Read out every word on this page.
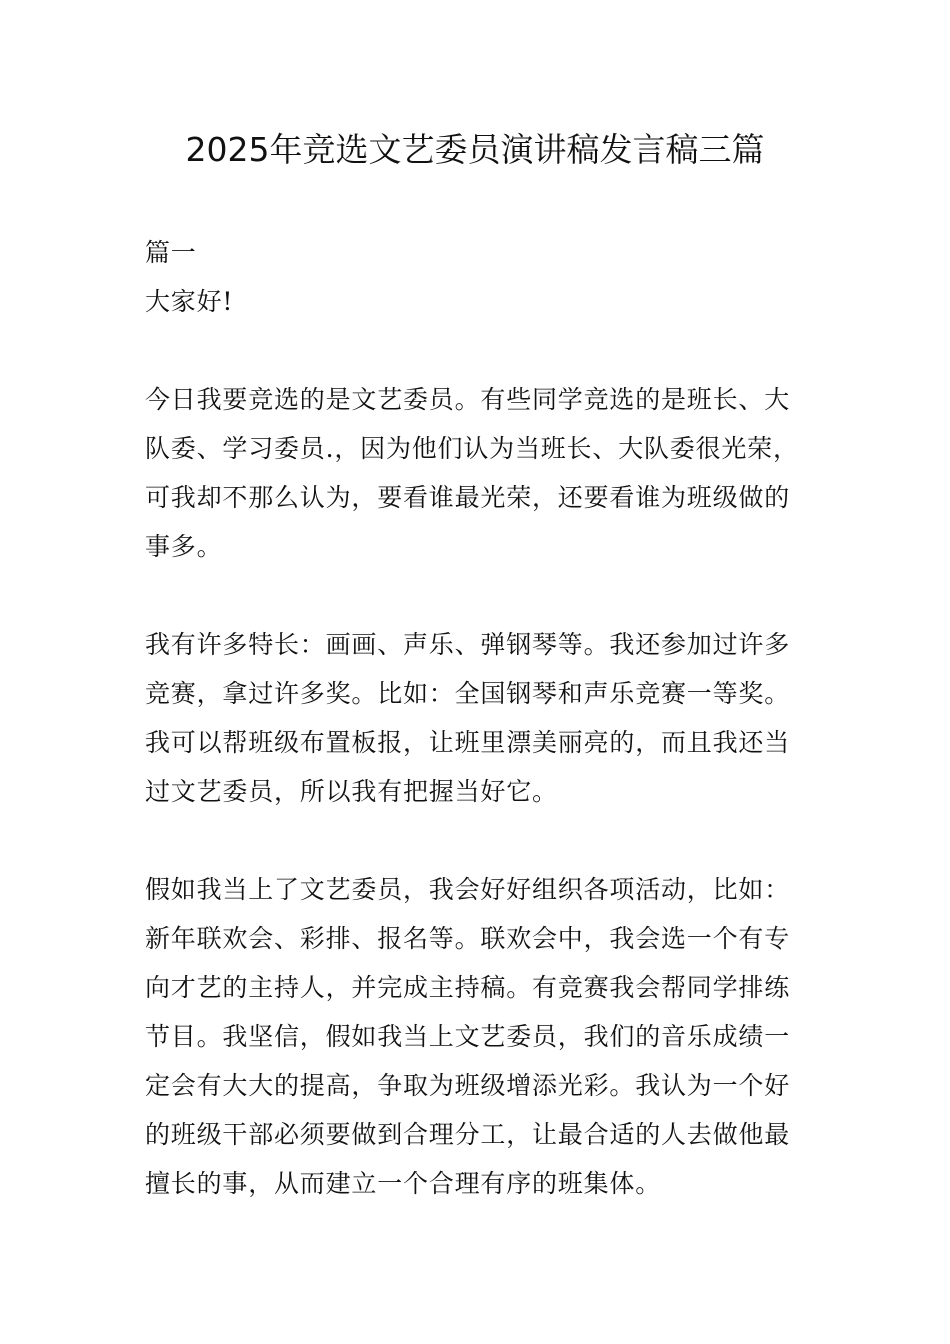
2025年竞选文艺委员演讲稿发言稿三篇
篇一
大家好!
今日我要竞选的是文艺委员。有些同学竞选的是班长、大
队委、学习委员.，因为他们认为当班长、大队委很光荣，
可我却不那么认为，要看谁最光荣，还要看谁为班级做的
事多。
我有许多特长：画画、声乐、弹钢琴等。我还参加过许多
竞赛，拿过许多奖。比如：全国钢琴和声乐竞赛一等奖。
我可以帮班级布置板报，让班里漂美丽亮的，而且我还当
过文艺委员，所以我有把握当好它。
假如我当上了文艺委员，我会好好组织各项活动，比如：
新年联欢会、彩排、报名等。联欢会中，我会选一个有专
向才艺的主持人，并完成主持稿。有竞赛我会帮同学排练
节目。我坚信，假如我当上文艺委员，我们的音乐成绩一
定会有大大的提高，争取为班级增添光彩。我认为一个好
的班级干部必须要做到合理分工，让最合适的人去做他最
擅长的事，从而建立一个合理有序的班集体。
